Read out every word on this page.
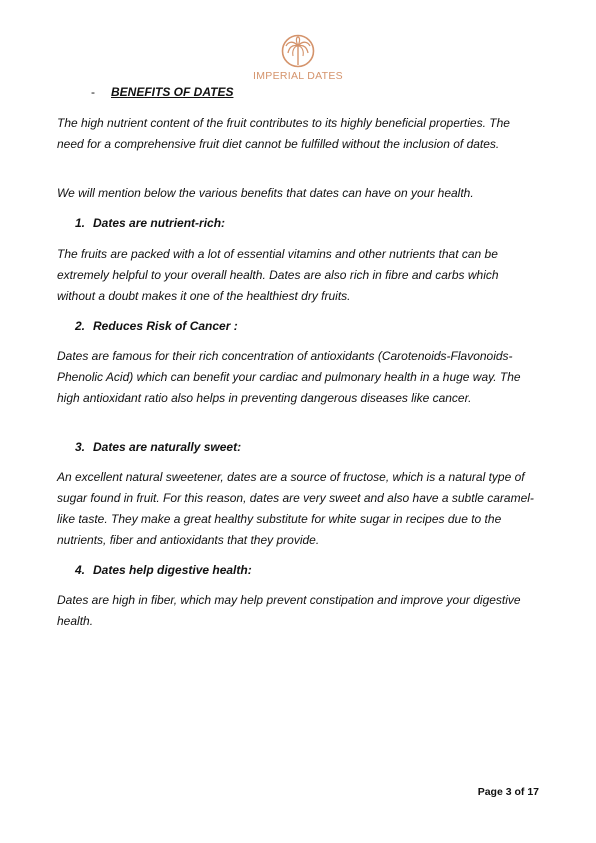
IMPERIAL DATES
- BENEFITS OF DATES

The high nutrient content of the fruit contributes to its highly beneficial properties. The need for a comprehensive fruit diet cannot be fulfilled without the inclusion of dates.

We will mention below the various benefits that dates can have on your health.

1. Dates are nutrient-rich:

The fruits are packed with a lot of essential vitamins and other nutrients that can be extremely helpful to your overall health. Dates are also rich in fibre and carbs which without a doubt makes it one of the healthiest dry fruits.

2. Reduces Risk of Cancer :

Dates are famous for their rich concentration of antioxidants (Carotenoids-Flavonoids-Phenolic Acid) which can benefit your cardiac and pulmonary health in a huge way. The high antioxidant ratio also helps in preventing dangerous diseases like cancer.

3. Dates are naturally sweet:

An excellent natural sweetener, dates are a source of fructose, which is a natural type of sugar found in fruit. For this reason, dates are very sweet and also have a subtle caramel-like taste. They make a great healthy substitute for white sugar in recipes due to the nutrients, fiber and antioxidants that they provide.

4. Dates help digestive health:

Dates are high in fiber, which may help prevent constipation and improve your digestive health.

Page 3 of 17
